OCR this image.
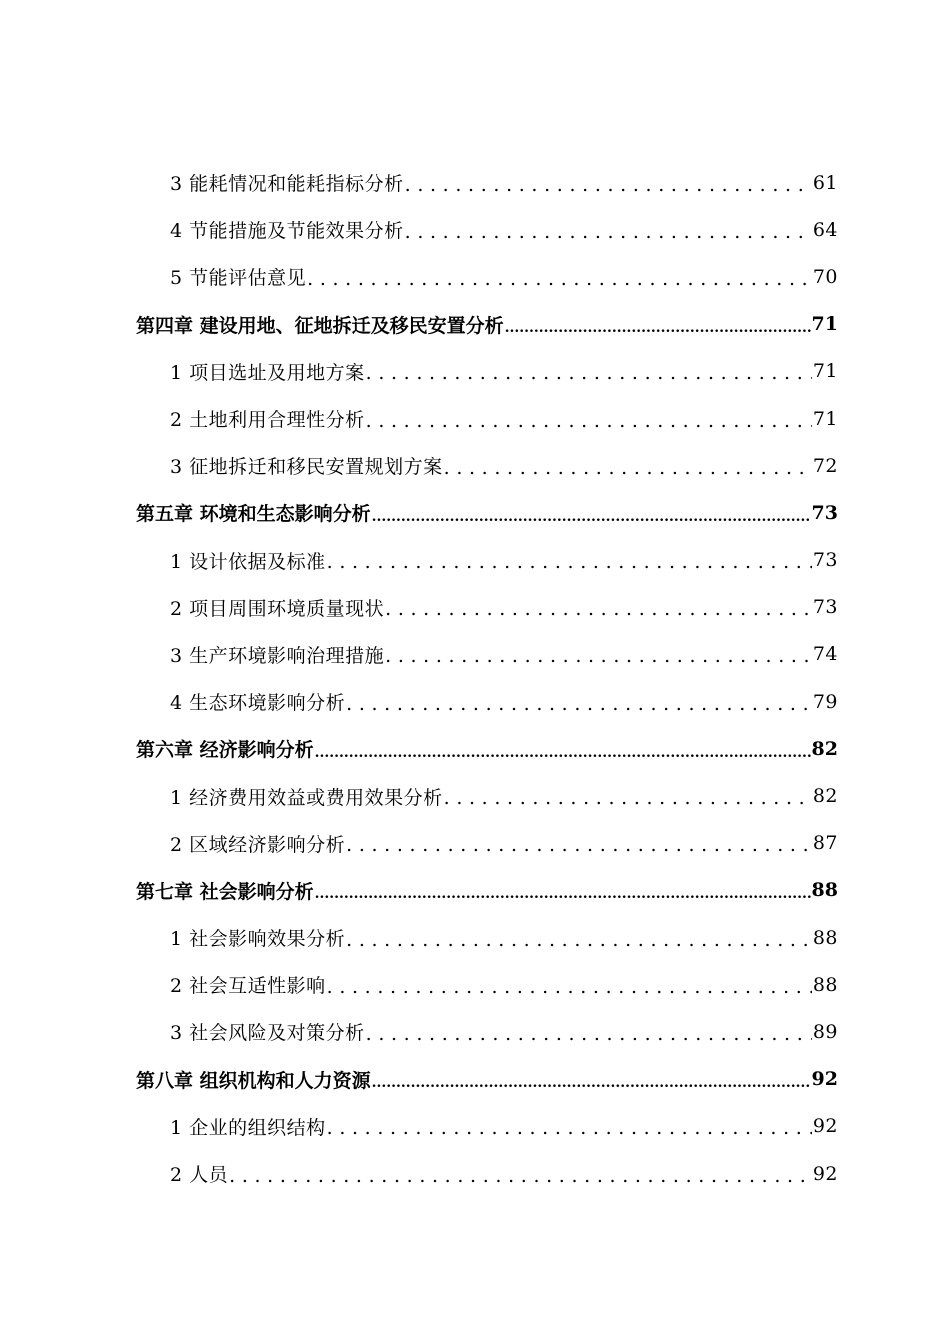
3 能耗情况和能耗指标分析 . . .	61
4 节能措施及节能效果分析 . . .	64
5 节能评估意见 . . .	70
第四章 建设用地、征地拆迁及移民安置分析 .....	71
1 项目选址及用地方案 . . .	71
2 土地利用合理性分析 . . .	71
3 征地拆迁和移民安置规划方案 . . .	72
第五章 环境和生态影响分析 .....	73
1 设计依据及标准 . . .	73
2 项目周围环境质量现状 . . .	73
3 生产环境影响治理措施 . . .	74
4 生态环境影响分析 . . .	79
第六章 经济影响分析 .....	82
1 经济费用效益或费用效果分析 . . .	82
2 区域经济影响分析 . . .	87
第七章 社会影响分析 .....	88
1 社会影响效果分析 . . .	88
2 社会互适性影响 . . .	88
3 社会风险及对策分析 . . .	89
第八章 组织机构和人力资源 .....	92
1 企业的组织结构 . . .	92
2 人员 . . .	92
